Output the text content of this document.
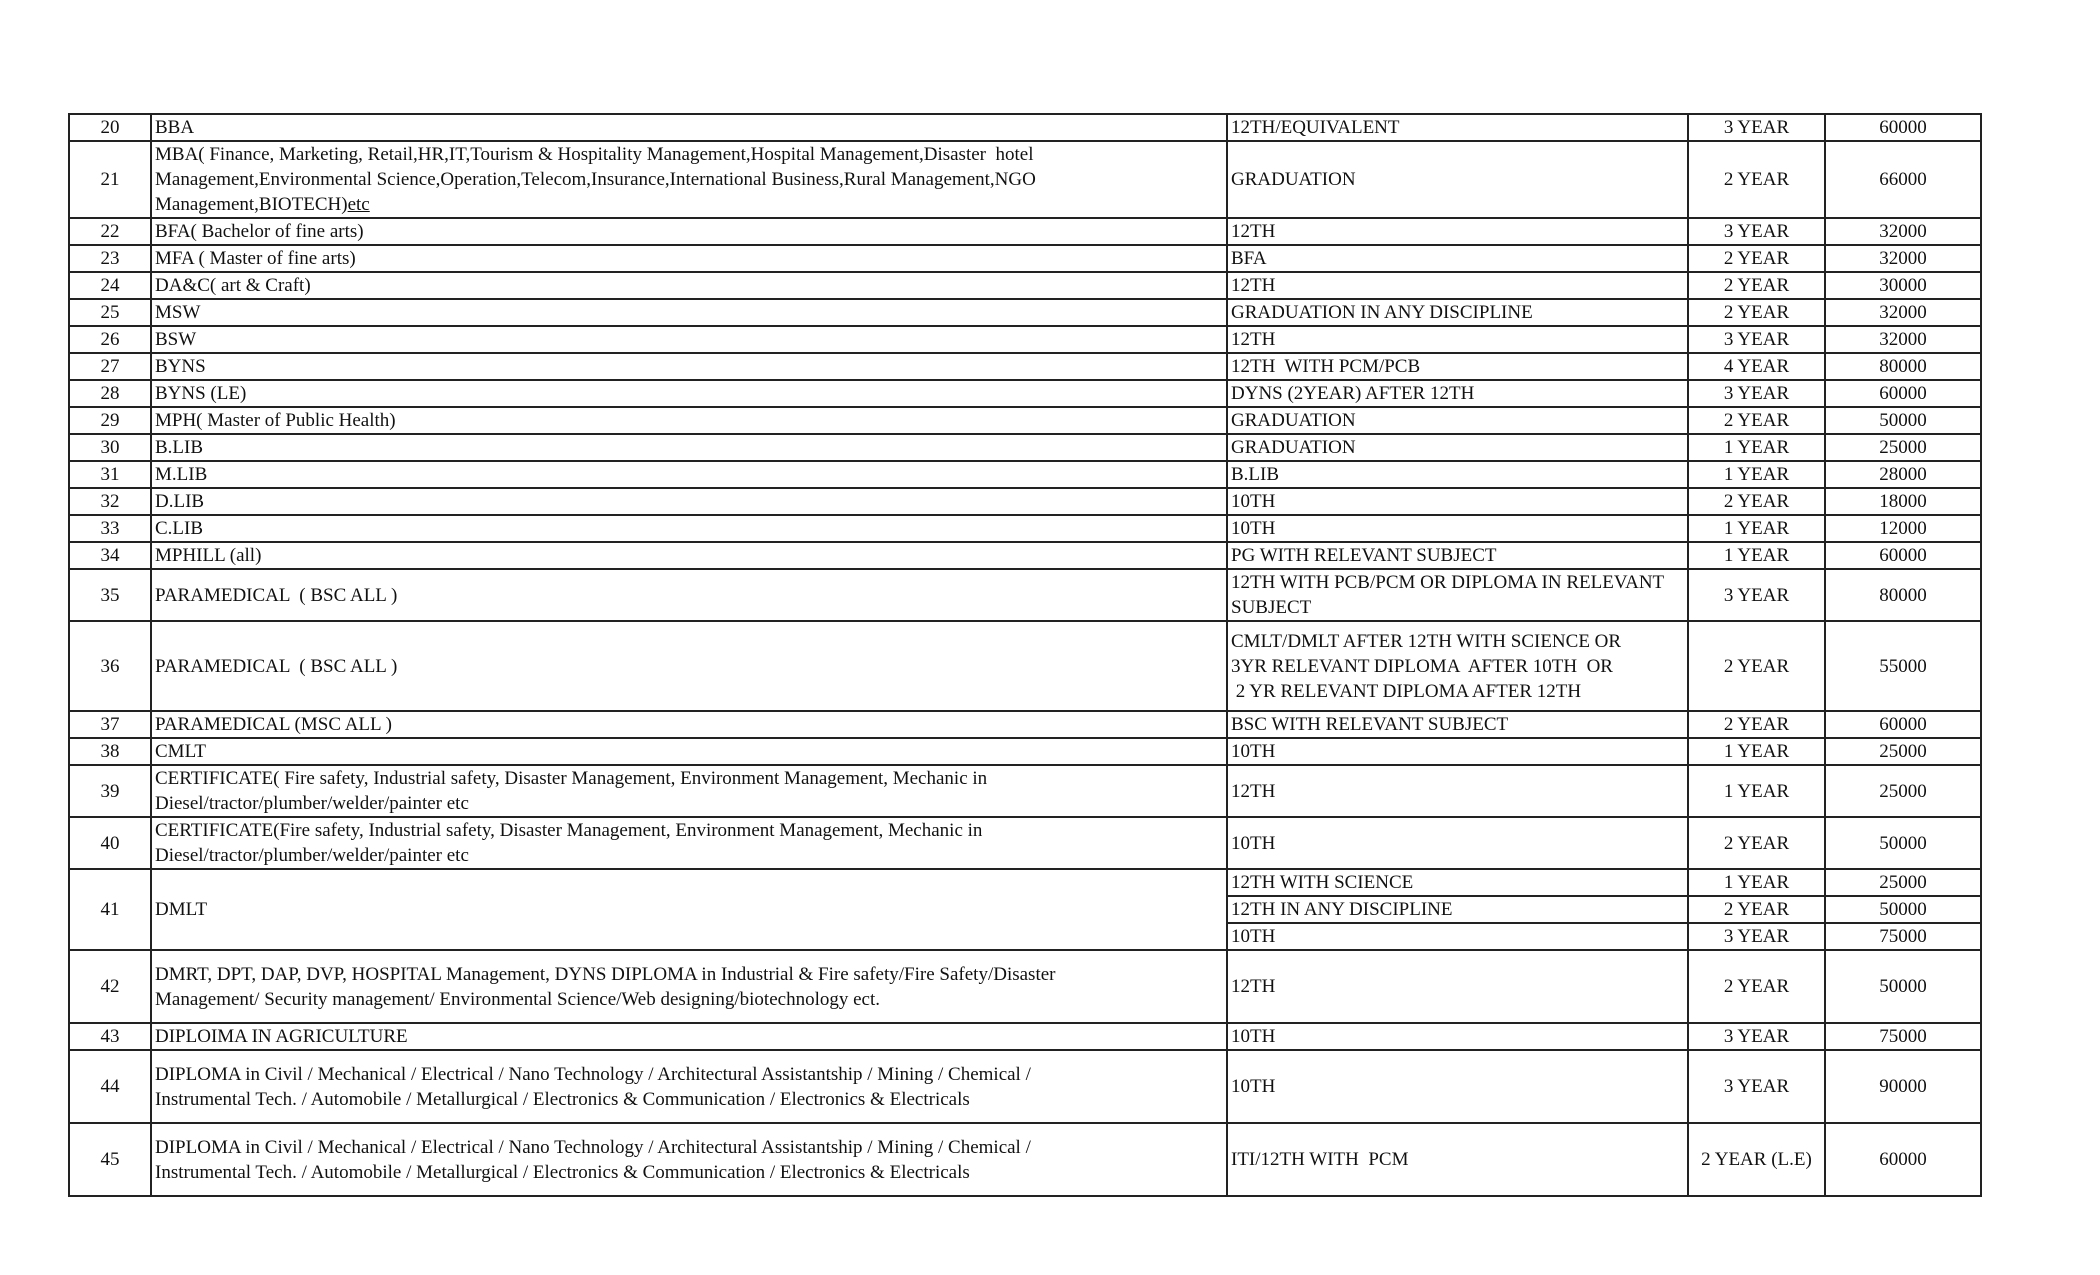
20	BBA	12TH/EQUIVALENT	3 YEAR	60000
21	MBA( Finance, Marketing, Retail,HR,IT,Tourism & Hospitality Management,Hospital Management,Disaster  hotel
Management,Environmental Science,Operation,Telecom,Insurance,International Business,Rural Management,NGO
Management,BIOTECH)etc	GRADUATION	2 YEAR	66000
22	BFA( Bachelor of fine arts)	12TH	3 YEAR	32000
23	MFA ( Master of fine arts)	BFA	2 YEAR	32000
24	DA&C( art & Craft)	12TH	2 YEAR	30000
25	MSW	GRADUATION IN ANY DISCIPLINE	2 YEAR	32000
26	BSW	12TH	3 YEAR	32000
27	BYNS	12TH  WITH PCM/PCB	4 YEAR	80000
28	BYNS (LE)	DYNS (2YEAR) AFTER 12TH	3 YEAR	60000
29	MPH( Master of Public Health)	GRADUATION	2 YEAR	50000
30	B.LIB	GRADUATION	1 YEAR	25000
31	M.LIB	B.LIB	1 YEAR	28000
32	D.LIB	10TH	2 YEAR	18000
33	C.LIB	10TH	1 YEAR	12000
34	MPHILL (all)	PG WITH RELEVANT SUBJECT	1 YEAR	60000
35	PARAMEDICAL  ( BSC ALL )	12TH WITH PCB/PCM OR DIPLOMA IN RELEVANT
SUBJECT	3 YEAR	80000
36	PARAMEDICAL  ( BSC ALL )	CMLT/DMLT AFTER 12TH WITH SCIENCE OR
3YR RELEVANT DIPLOMA  AFTER 10TH  OR
2 YR RELEVANT DIPLOMA AFTER 12TH	2 YEAR	55000
37	PARAMEDICAL (MSC ALL )	BSC WITH RELEVANT SUBJECT	2 YEAR	60000
38	CMLT	10TH	1 YEAR	25000
39	CERTIFICATE( Fire safety, Industrial safety, Disaster Management, Environment Management, Mechanic in
Diesel/tractor/plumber/welder/painter etc	12TH	1 YEAR	25000
40	CERTIFICATE(Fire safety, Industrial safety, Disaster Management, Environment Management, Mechanic in
Diesel/tractor/plumber/welder/painter etc	10TH	2 YEAR	50000
41	DMLT	12TH WITH SCIENCE	1 YEAR	25000
		12TH IN ANY DISCIPLINE	2 YEAR	50000
		10TH	3 YEAR	75000
42	DMRT, DPT, DAP, DVP, HOSPITAL Management, DYNS DIPLOMA in Industrial & Fire safety/Fire Safety/Disaster
Management/ Security management/ Environmental Science/Web designing/biotechnology ect.	12TH	2 YEAR	50000
43	DIPLOIMA IN AGRICULTURE	10TH	3 YEAR	75000
44	DIPLOMA in Civil / Mechanical / Electrical / Nano Technology / Architectural Assistantship / Mining / Chemical /
Instrumental Tech. / Automobile / Metallurgical / Electronics & Communication / Electronics & Electricals	10TH	3 YEAR	90000
45	DIPLOMA in Civil / Mechanical / Electrical / Nano Technology / Architectural Assistantship / Mining / Chemical /
Instrumental Tech. / Automobile / Metallurgical / Electronics & Communication / Electronics & Electricals	ITI/12TH WITH  PCM	2 YEAR (L.E)	60000
